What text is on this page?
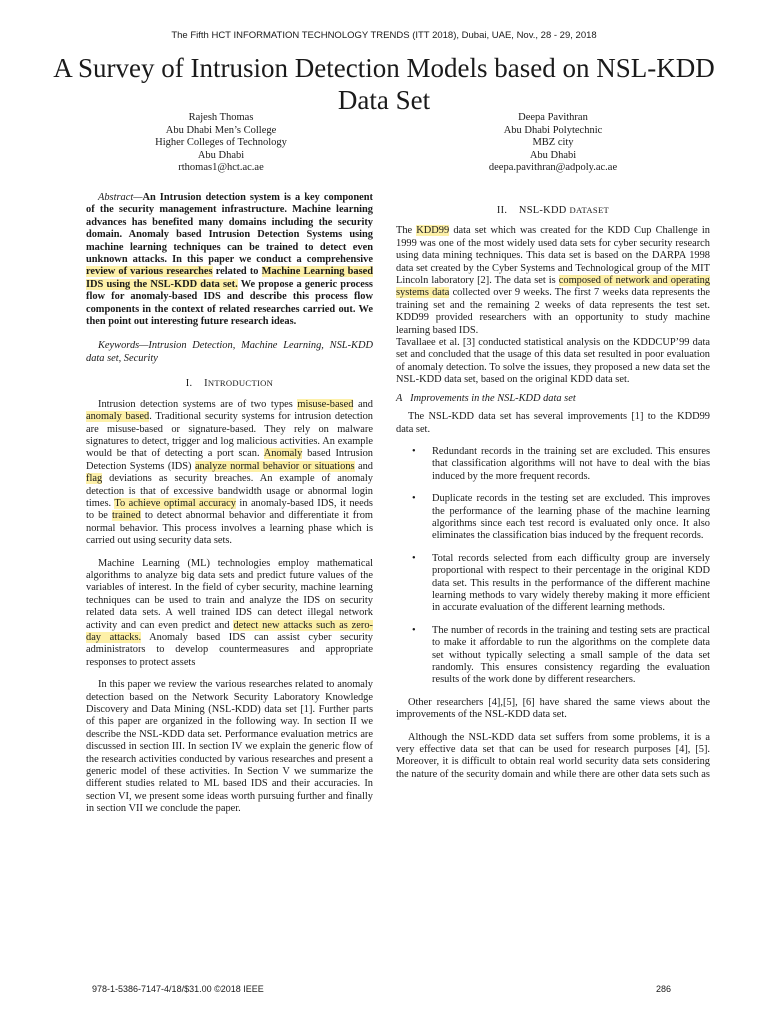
The Fifth HCT INFORMATION TECHNOLOGY TRENDS (ITT 2018), Dubai, UAE, Nov., 28 - 29, 2018
A Survey of Intrusion Detection Models based on NSL-KDD Data Set
Rajesh Thomas
Abu Dhabi Men’s College
Higher Colleges of Technology
Abu Dhabi
rthomas1@hct.ac.ae
Deepa Pavithran
Abu Dhabi Polytechnic
MBZ city
Abu Dhabi
deepa.pavithran@adpoly.ac.ae

Abstract—An Intrusion detection system is a key component of the security management infrastructure. Machine learning advances has benefited many domains including the security domain. Anomaly based Intrusion Detection Systems using machine learning techniques can be trained to detect even unknown attacks. In this paper we conduct a comprehensive review of various researches related to Machine Learning based IDS using the NSL-KDD data set. We propose a generic process flow for anomaly-based IDS and describe this process flow components in the context of related researches carried out. We then point out interesting future research ideas.

Keywords—Intrusion Detection, Machine Learning, NSL-KDD data set, Security

I. INTRODUCTION

Intrusion detection systems are of two types misuse-based and anomaly based. Traditional security systems for intrusion detection are misuse-based or signature-based. They rely on malware signatures to detect, trigger and log malicious activities. An example would be that of detecting a port scan. Anomaly based Intrusion Detection Systems (IDS) analyze normal behavior or situations and flag deviations as security breaches. An example of anomaly detection is that of excessive bandwidth usage or abnormal login times. To achieve optimal accuracy in anomaly-based IDS, it needs to be trained to detect abnormal behavior and differentiate it from normal behavior. This process involves a learning phase which is carried out using security data sets.

Machine Learning (ML) technologies employ mathematical algorithms to analyze big data sets and predict future values of the variables of interest. In the field of cyber security, machine learning techniques can be used to train and analyze the IDS on security related data sets. A well trained IDS can detect illegal network activity and can even predict and detect new attacks such as zero-day attacks. Anomaly based IDS can assist cyber security administrators to develop countermeasures and appropriate responses to protect assets

In this paper we review the various researches related to anomaly detection based on the Network Security Laboratory Knowledge Discovery and Data Mining (NSL-KDD) data set [1]. Further parts of this paper are organized in the following way. In section II we describe the NSL-KDD data set. Performance evaluation metrics are discussed in section III. In section IV we explain the generic flow of the research activities conducted by various researches and present a generic model of these activities. In Section V we summarize the different studies related to ML based IDS and their accuracies. In section VI, we present some ideas worth pursuing further and finally in section VII we conclude the paper.

II. NSL-KDD DATASET

The KDD99 data set which was created for the KDD Cup Challenge in 1999 was one of the most widely used data sets for cyber security research using data mining techniques. This data set is based on the DARPA 1998 data set created by the Cyber Systems and Technological group of the MIT Lincoln laboratory [2]. The data set is composed of network and operating systems data collected over 9 weeks. The first 7 weeks data represents the training set and the remaining 2 weeks of data represents the test set. KDD99 provided researchers with an opportunity to study machine learning based IDS.

Tavallaee et al. [3] conducted statistical analysis on the KDDCUP’99 data set and concluded that the usage of this data set resulted in poor evaluation of anomaly detection. To solve the issues, they proposed a new data set the NSL-KDD data set, based on the original KDD data set.

A Improvements in the NSL-KDD data set

The NSL-KDD data set has several improvements [1] to the KDD99 data set.

• Redundant records in the training set are excluded. This ensures that classification algorithms will not have to deal with the bias induced by the more frequent records.
• Duplicate records in the testing set are excluded. This improves the performance of the learning phase of the machine learning algorithms since each test record is evaluated only once. It also eliminates the classification bias induced by the frequent records.
• Total records selected from each difficulty group are inversely proportional with respect to their percentage in the original KDD data set. This results in the performance of the different machine learning methods to vary widely thereby making it more efficient in accurate evaluation of the different learning methods.
• The number of records in the training and testing sets are practical to make it affordable to run the algorithms on the complete data set without typically selecting a small sample of the data set randomly. This ensures consistency regarding the evaluation results of the work done by different researchers.

Other researchers [4],[5], [6] have shared the same views about the improvements of the NSL-KDD data set.

Although the NSL-KDD data set suffers from some problems, it is a very effective data set that can be used for research purposes [4], [5]. Moreover, it is difficult to obtain real world security data sets considering the nature of the security domain and while there are other data sets such as

978-1-5386-7147-4/18/$31.00 ©2018 IEEE	286
